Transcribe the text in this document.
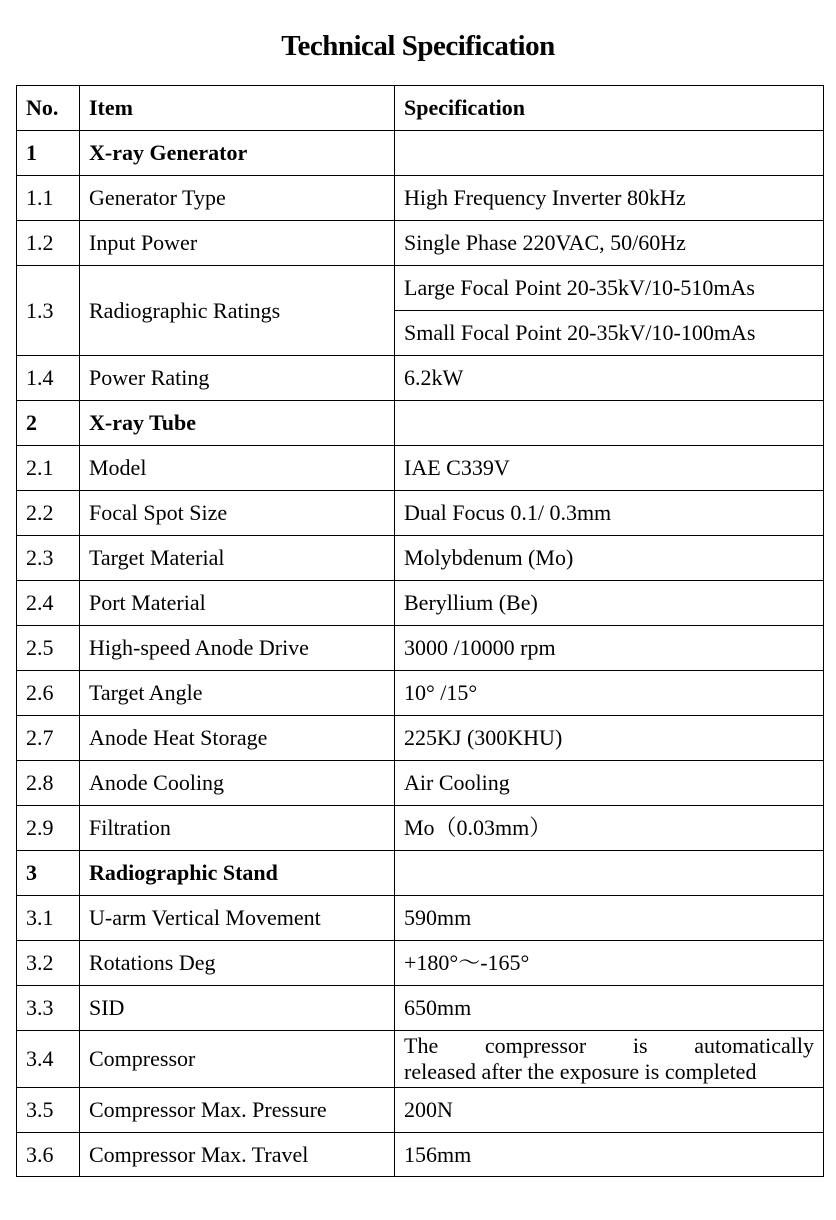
Technical Specification
No.	Item	Specification
1	X-ray Generator	
1.1	Generator Type	High Frequency Inverter 80kHz
1.2	Input Power	Single Phase 220VAC, 50/60Hz
1.3	Radiographic Ratings	Large Focal Point 20-35kV/10-510mAs
		Small Focal Point 20-35kV/10-100mAs
1.4	Power Rating	6.2kW
2	X-ray Tube	
2.1	Model	IAE C339V
2.2	Focal Spot Size	Dual Focus 0.1/ 0.3mm
2.3	Target Material	Molybdenum (Mo)
2.4	Port Material	Beryllium (Be)
2.5	High-speed Anode Drive	3000 /10000 rpm
2.6	Target Angle	10° /15°
2.7	Anode Heat Storage	225KJ (300KHU)
2.8	Anode Cooling	Air Cooling
2.9	Filtration	Mo（0.03mm）
3	Radiographic Stand	
3.1	U-arm Vertical Movement	590mm
3.2	Rotations Deg	+180°～-165°
3.3	SID	650mm
3.4	Compressor	The compressor is automatically
released after the exposure is completed

3.5	Compressor Max. Pressure	200N
3.6	Compressor Max. Travel	156mm
